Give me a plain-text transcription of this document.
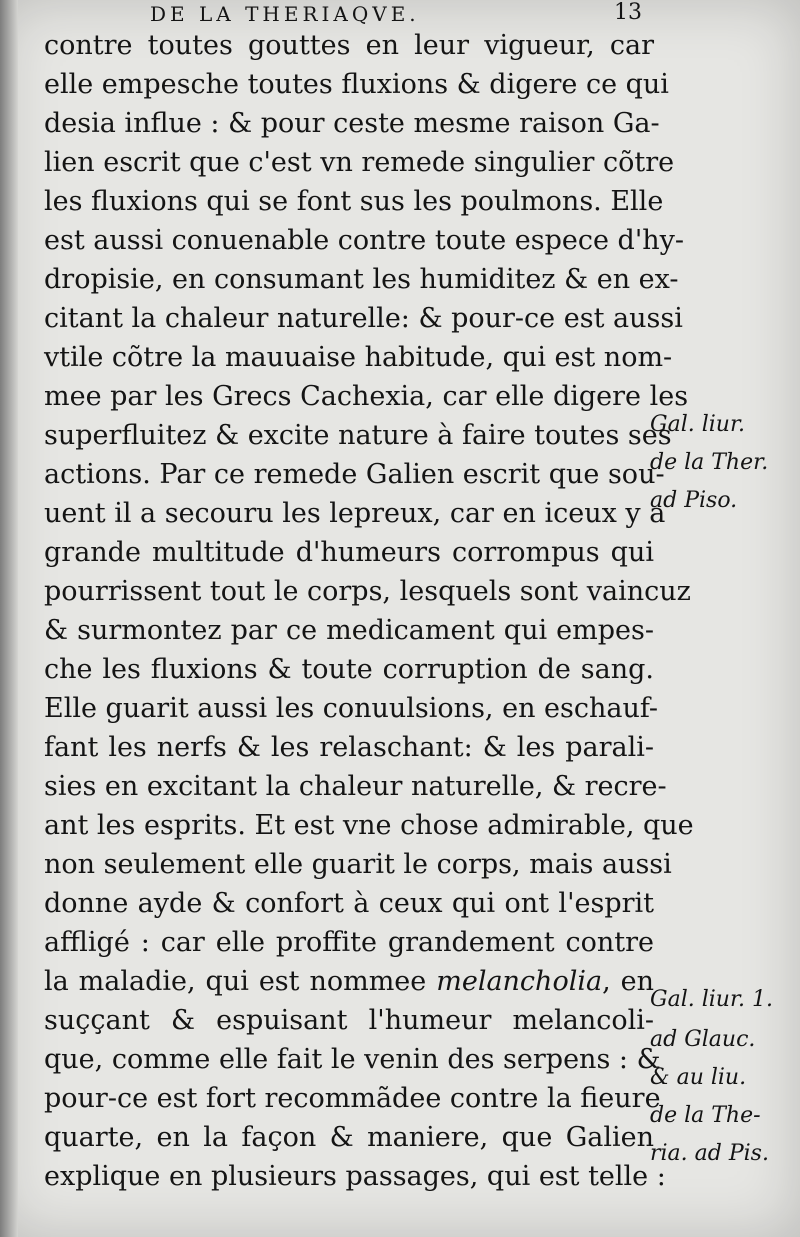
DE LA THERIAQVE.	13
contre toutes gouttes en leur vigueur, car
elle empesche toutes fluxions & digere ce qui
desia influe : & pour ceste mesme raison Ga-
lien escrit que c'est vn remede singulier cõtre
les fluxions qui se font sus les poulmons. Elle
est aussi conuenable contre toute espece d'hy-
dropisie, en consumant les humiditez & en ex-
citant la chaleur naturelle: & pour-ce est aussi
vtile cõtre la mauuaise habitude, qui est nom-
mee par les Grecs Cachexia, car elle digere les
superfluitez & excite nature à faire toutes ses
actions. Par ce remede Galien escrit que sou-
uent il a secouru les lepreux, car en iceux y a
grande multitude d'humeurs corrompus qui
pourrissent tout le corps, lesquels sont vaincuz
& surmontez par ce medicament qui empes-
che les fluxions & toute corruption de sang.
Elle guarit aussi les conuulsions, en eschauf-
fant les nerfs & les relaschant: & les parali-
sies en excitant la chaleur naturelle, & recre-
ant les esprits. Et est vne chose admirable, que
non seulement elle guarit le corps, mais aussi
donne ayde & confort à ceux qui ont l'esprit
affligé : car elle proffite grandement contre
la maladie, qui est nommee melancholia, en
suççant & espuisant l'humeur melancoli-
que, comme elle fait le venin des serpens : &
pour-ce est fort recommãdee contre la fieure
quarte, en la façon & maniere, que Galien
explique en plusieurs passages, qui est telle :
Gal. liur.
de la Ther.
ad Piso.
Gal. liur. 1.
ad Glauc.
& au liu.
de la The-
ria. ad Pis.
